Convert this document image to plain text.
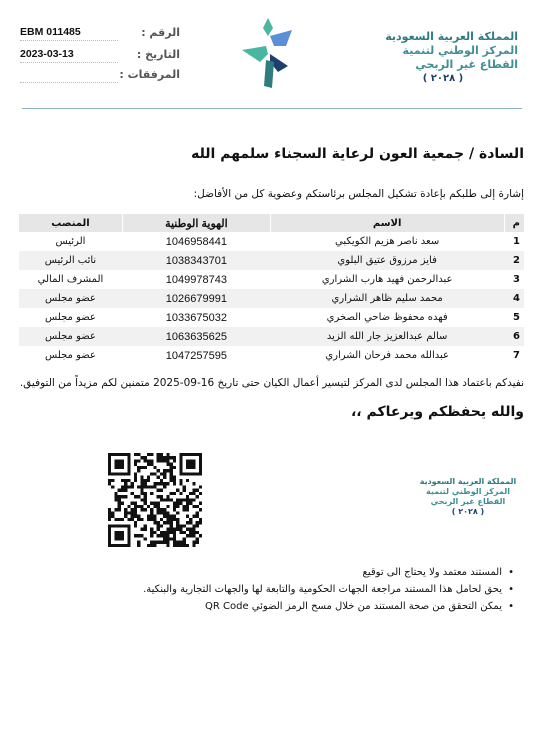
المملكة العربية السعودية
المركز الوطني لتنمية
القطاع غير الربحي
( ٢٠٢٨ )
EBM 011485	الرقم :
2023-03-13	التاريخ :
المرفقات :
السادة / جمعية العون لرعاية السجناء سلمهم الله
إشارة إلى طلبكم بإعادة تشكيل المجلس برئاستكم وعضوية كل من الأفاضل:
م	الاسم	الهوية الوطنية	المنصب
1	سعد ناصر هزيم الكويكبي	1046958441	الرئيس
2	فايز مرزوق عتيق البلوي	1038343701	نائب الرئيس
3	عبدالرحمن فهيد هارب الشراري	1049978743	المشرف المالي
4	محمد سليم ظاهر الشراري	1026679991	عضو مجلس
5	فهده محفوظ ضاحي الصخري	1033675032	عضو مجلس
6	سالم عبدالعزيز جار الله الزيد	1063635625	عضو مجلس
7	عبدالله محمد فرحان الشراري	1047257595	عضو مجلس
نفيدكم باعتماد هذا المجلس لدى المركز لتيسير أعمال الكيان حتى تاريخ 16-09-2025 متمنين لكم مزيداً من التوفيق.
والله يحفظكم ويرعاكم ،،
المملكة العربية السعودية
المركز الوطني لتنمية
القطاع غير الربحي
( ٢٠٢٨ )
• المستند معتمد ولا يحتاج الى توقيع
• يحق لحامل هذا المستند مراجعة الجهات الحكومية والتابعة لها والجهات التجارية والبنكية.
• يمكن التحقق من صحة المستند من خلال مسح الرمز الضوئي QR Code
